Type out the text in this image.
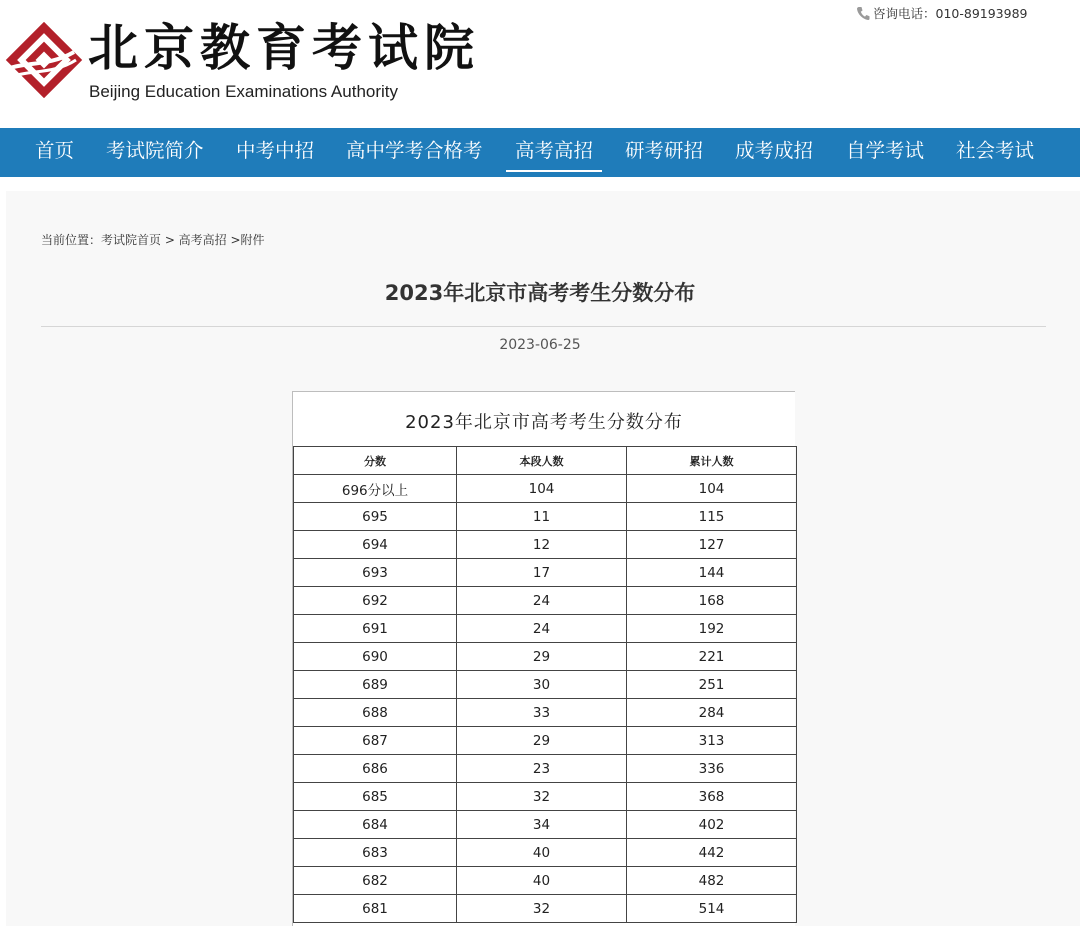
北京教育考试院
Beijing Education Examinations Authority
咨询电话：010-89193989
首页 考试院简介 中考中招 高中学考合格考 高考高招 研考研招 成考成招 自学考试 社会考试
当前位置：考试院首页 > 高考高招 >附件
2023年北京市高考考生分数分布
2023-06-25
2023年北京市高考考生分数分布
分数	本段人数	累计人数
696分以上	104	104
695	11	115
694	12	127
693	17	144
692	24	168
691	24	192
690	29	221
689	30	251
688	33	284
687	29	313
686	23	336
685	32	368
684	34	402
683	40	442
682	40	482
681	32	514
